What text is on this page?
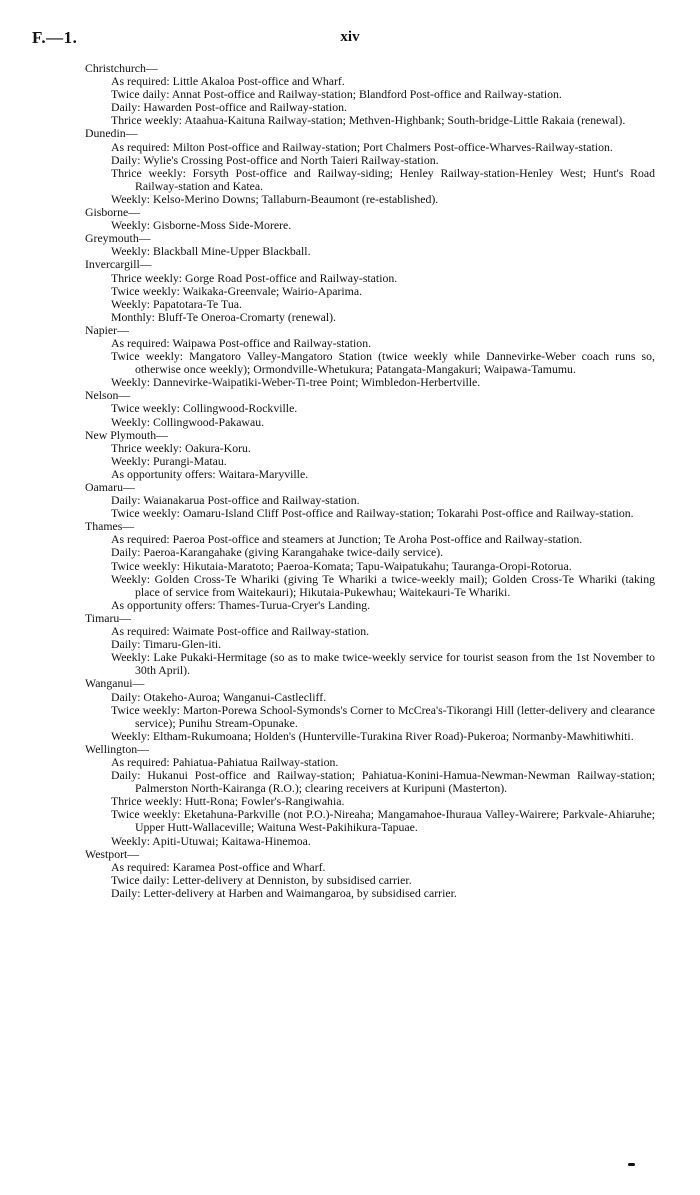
F.—1.	xiv

Christchurch—

As required: Little Akaloa Post-office and Wharf.

Twice daily: Annat Post-office and Railway-station; Blandford Post-office and Railway-station.

Daily: Hawarden Post-office and Railway-station.

Thrice weekly: Ataahua-Kaituna Railway-station; Methven-Highbank; South-bridge-Little Rakaia (renewal).

Dunedin—

As required: Milton Post-office and Railway-station; Port Chalmers Post-office-Wharves-Railway-station.

Daily: Wylie's Crossing Post-office and North Taieri Railway-station.

Thrice weekly: Forsyth Post-office and Railway-siding; Henley Railway-station-Henley West; Hunt's Road Railway-station and Katea.

Weekly: Kelso-Merino Downs; Tallaburn-Beaumont (re-established).

Gisborne—

Weekly: Gisborne-Moss Side-Morere.

Greymouth—

Weekly: Blackball Mine-Upper Blackball.

Invercargill—

Thrice weekly: Gorge Road Post-office and Railway-station.

Twice weekly: Waikaka-Greenvale; Wairio-Aparima.

Weekly: Papatotara-Te Tua.

Monthly: Bluff-Te Oneroa-Cromarty (renewal).

Napier—

As required: Waipawa Post-office and Railway-station.

Twice weekly: Mangatoro Valley-Mangatoro Station (twice weekly while Dannevirke-Weber coach runs so, otherwise once weekly); Ormondville-Whetukura; Patangata-Mangakuri; Waipawa-Tamumu.

Weekly: Dannevirke-Waipatiki-Weber-Ti-tree Point; Wimbledon-Herbertville.

Nelson—

Twice weekly: Collingwood-Rockville.

Weekly: Collingwood-Pakawau.

New Plymouth—

Thrice weekly: Oakura-Koru.

Weekly: Purangi-Matau.

As opportunity offers: Waitara-Maryville.

Oamaru—

Daily: Waianakarua Post-office and Railway-station.

Twice weekly: Oamaru-Island Cliff Post-office and Railway-station; Tokarahi Post-office and Railway-station.

Thames—

As required: Paeroa Post-office and steamers at Junction; Te Aroha Post-office and Railway-station.

Daily: Paeroa-Karangahake (giving Karangahake twice-daily service).

Twice weekly: Hikutaia-Maratoto; Paeroa-Komata; Tapu-Waipatukahu; Tauranga-Oropi-Rotorua.

Weekly: Golden Cross-Te Whariki (giving Te Whariki a twice-weekly mail); Golden Cross-Te Whariki (taking place of service from Waitekauri); Hikutaia-Pukewhau; Waitekauri-Te Whariki.

As opportunity offers: Thames-Turua-Cryer's Landing.

Timaru—

As required: Waimate Post-office and Railway-station.

Daily: Timaru-Glen-iti.

Weekly: Lake Pukaki-Hermitage (so as to make twice-weekly service for tourist season from the 1st November to 30th April).

Wanganui—

Daily: Otakeho-Auroa; Wanganui-Castlecliff.

Twice weekly: Marton-Porewa School-Symonds's Corner to McCrea's-Tikorangi Hill (letter-delivery and clearance service); Punihu Stream-Opunake.

Weekly: Eltham-Rukumoana; Holden's (Hunterville-Turakina River Road)-Pukeroa; Normanby-Mawhitiwhiti.

Wellington—

As required: Pahiatua-Pahiatua Railway-station.

Daily: Hukanui Post-office and Railway-station; Pahiatua-Konini-Hamua-Newman-Newman Railway-station; Palmerston North-Kairanga (R.O.); clearing receivers at Kuripuni (Masterton).

Thrice weekly: Hutt-Rona; Fowler's-Rangiwahia.

Twice weekly: Eketahuna-Parkville (not P.O.)-Nireaha; Mangamahoe-Ihuraua Valley-Wairere; Parkvale-Ahiaruhe; Upper Hutt-Wallaceville; Waituna West-Pakihikura-Tapuae.

Weekly: Apiti-Utuwai; Kaitawa-Hinemoa.

Westport—

As required: Karamea Post-office and Wharf.

Twice daily: Letter-delivery at Denniston, by subsidised carrier.

Daily: Letter-delivery at Harben and Waimangaroa, by subsidised carrier.
